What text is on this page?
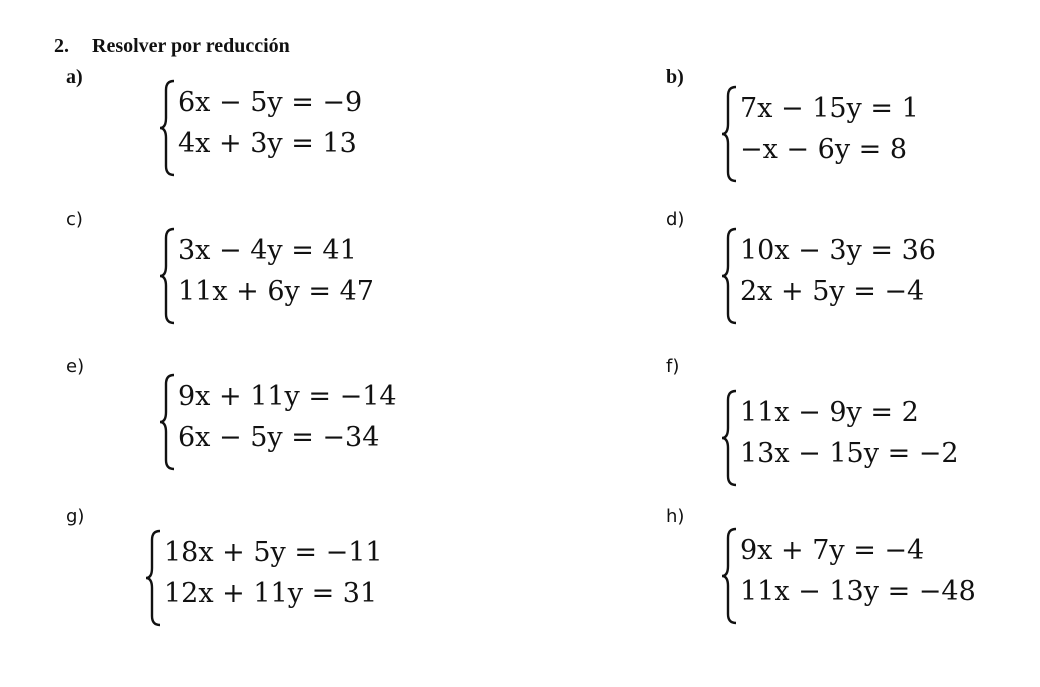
2. Resolver por reducción
a)
6x − 5y = −9
4x + 3y = 13
b)
7x − 15y = 1
−x − 6y = 8
c)
3x − 4y = 41
11x + 6y = 47
d)
10x − 3y = 36
2x + 5y = −4
e)
9x + 11y = −14
6x − 5y = −34
f)
11x − 9y = 2
13x − 15y = −2
g)
18x + 5y = −11
12x + 11y = 31
h)
9x + 7y = −4
11x − 13y = −48
